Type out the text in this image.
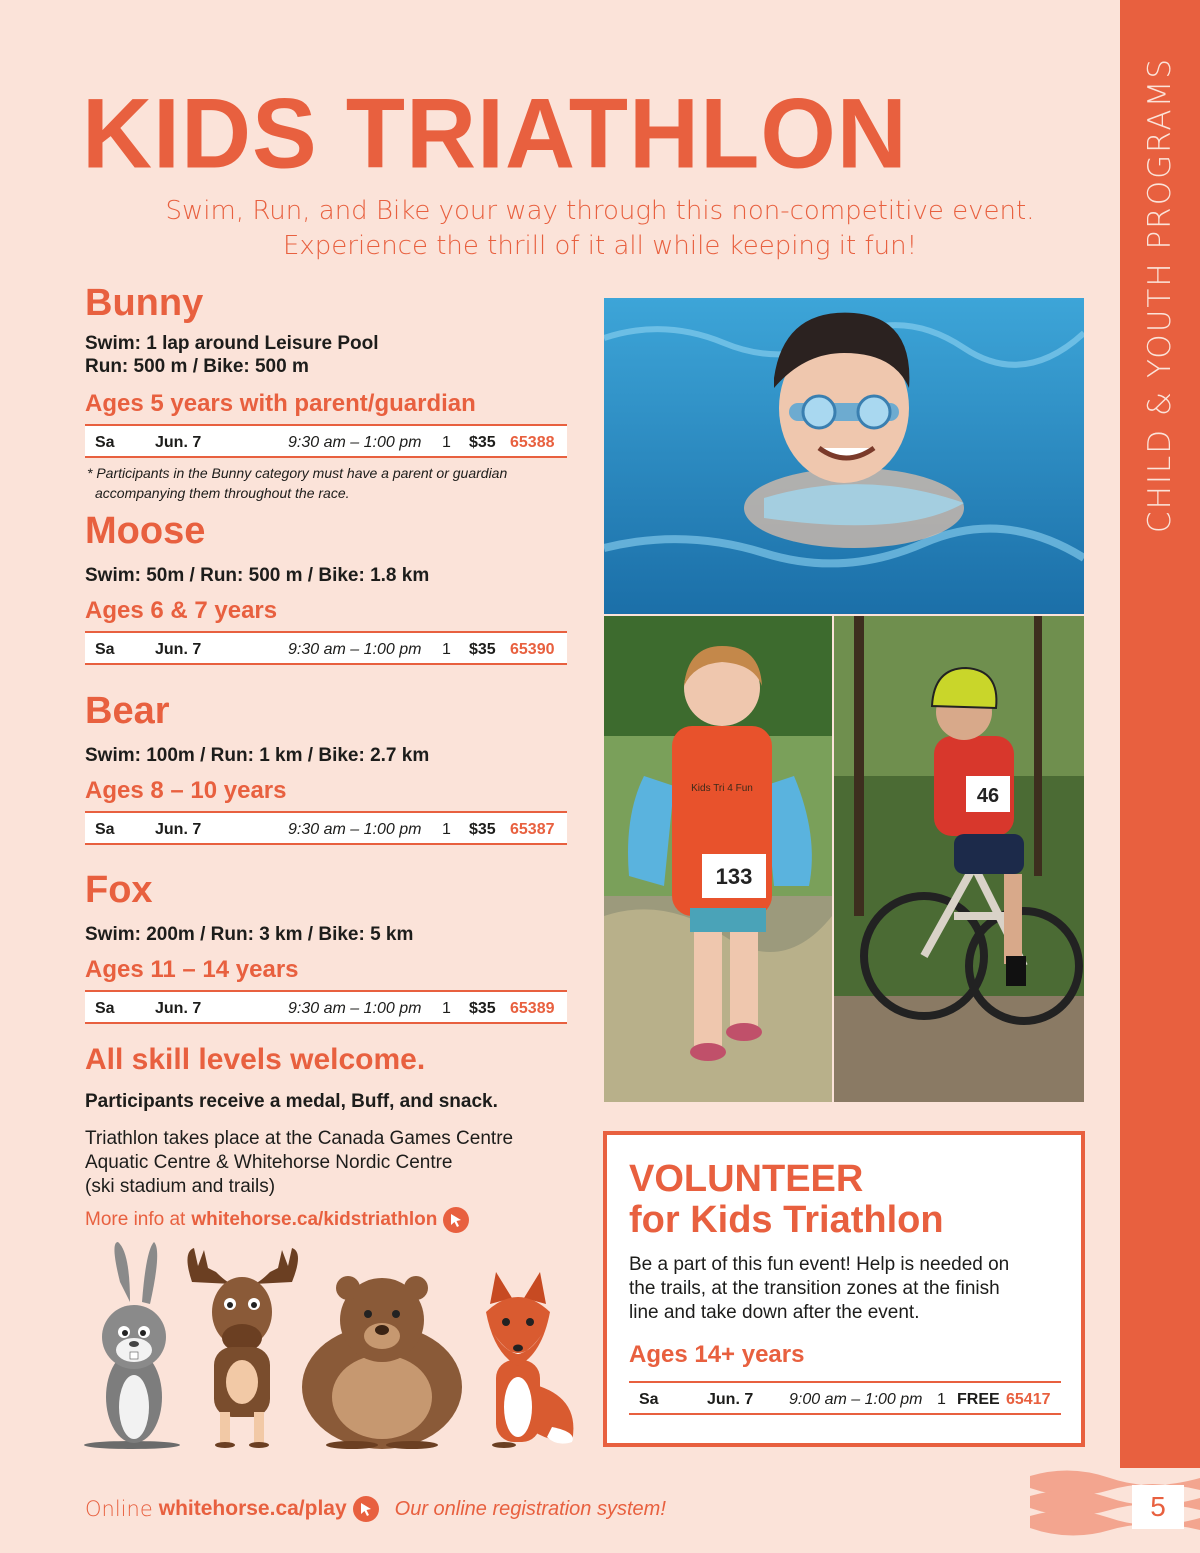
CHILD & YOUTH PROGRAMS
5
KIDS TRIATHLON
Swim, Run, and Bike your way through this non-competitive event.
Experience the thrill of it all while keeping it fun!
Bunny
Swim: 1 lap around Leisure Pool
Run: 500 m / Bike: 500 m
Ages 5 years with parent/guardian
Sa	Jun. 7	9:30 am – 1:00 pm 1 $35 65388
* Participants in the Bunny category must have a parent or guardian
accompanying them throughout the race.
Moose
Swim: 50m / Run: 500 m / Bike: 1.8 km
Ages 6 & 7 years
Sa	Jun. 7	9:30 am – 1:00 pm 1 $35 65390
Bear
Swim: 100m / Run: 1 km / Bike: 2.7 km
Ages 8 – 10 years
Sa	Jun. 7	9:30 am – 1:00 pm 1 $35 65387
Fox
Swim: 200m / Run: 3 km / Bike: 5 km
Ages 11 – 14 years
Sa	Jun. 7	9:30 am – 1:00 pm 1 $35 65389
All skill levels welcome.
Participants receive a medal, Buff, and snack.
Triathlon takes place at the Canada Games Centre
Aquatic Centre & Whitehorse Nordic Centre
(ski stadium and trails)
More info at whitehorse.ca/kidstriathlon
133
Kids Tri 4 Fun	46
VOLUNTEER
for Kids Triathlon
Be a part of this fun event! Help is needed on
the trails, at the transition zones at the finish
line and take down after the event.
Ages 14+ years
Sa	Jun. 7 9:00 am – 1:00 pm 1 FREE 65417
Online whitehorse.ca/play Our online registration system!
